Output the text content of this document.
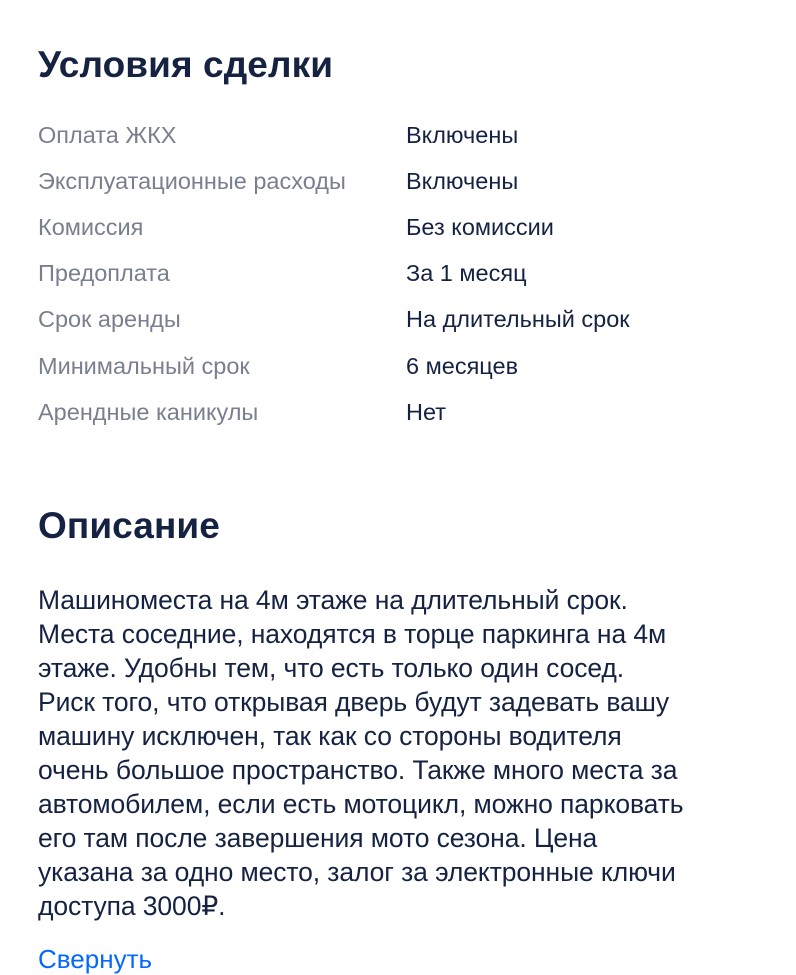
Условия сделки
Оплата ЖКХ	Включены
Эксплуатационные расходы	Включены
Комиссия	Без комиссии
Предоплата	За 1 месяц
Срок аренды	На длительный срок
Минимальный срок	6 месяцев
Арендные каникулы	Нет
Описание
Машиноместа на 4м этаже на длительный срок.
Места соседние, находятся в торце паркинга на 4м
этаже. Удобны тем, что есть только один сосед.
Риск того, что открывая дверь будут задевать вашу
машину исключен, так как со стороны водителя
очень большое пространство. Также много места за
автомобилем, если есть мотоцикл, можно парковать
его там после завершения мото сезона. Цена
указана за одно место, залог за электронные ключи
доступа 3000₽.
Свернуть
